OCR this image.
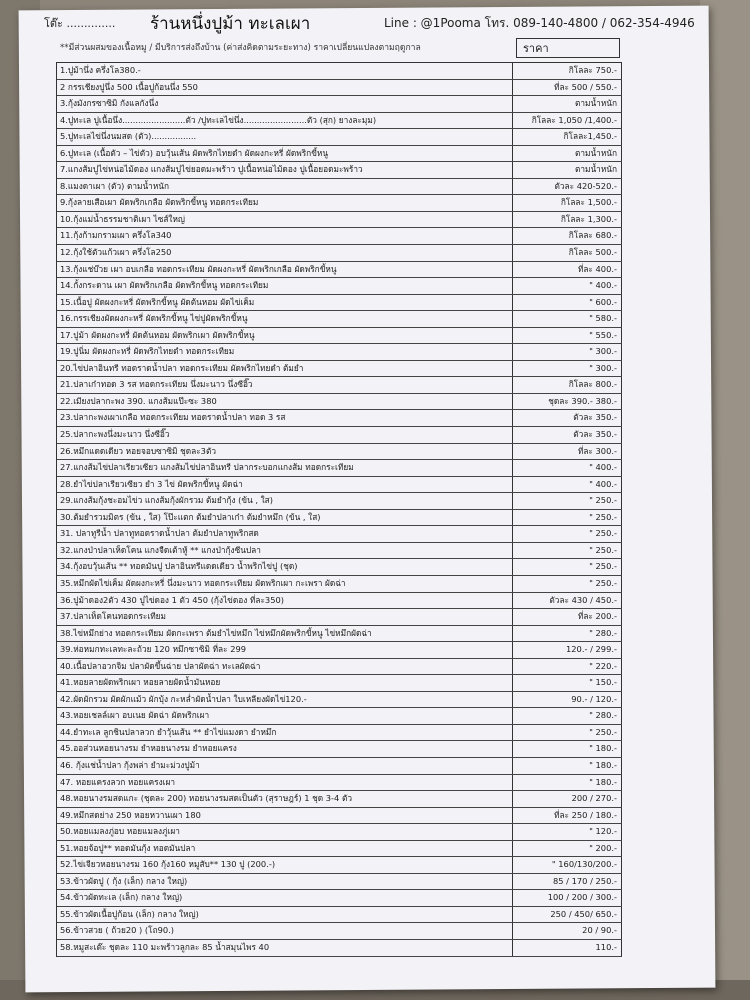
โต๊ะ .............. ร้านหนึ่งปูม้า ทะเลเผา	Line : @1Pooma โทร. 089-140-4800 / 062-354-4946
**มีส่วนผสมของเนื้อหมู / มีบริการส่งถึงบ้าน (ค่าส่งคิดตามระยะทาง) ราคาเปลี่ยนแปลงตามฤดูกาล	ราคา
1.ปูม้านึ่ง ครึ่งโล380.-	กิโลละ 750.-
2 กรรเชียงปูนึ่ง 500 เนื้อปูก้อนนึ่ง 550	ที่ละ 500 / 550.-
3.กุ้งมังกรซาซิมิ กังแลกังนึ่ง	ตามน้ำหนัก
4.ปูทะเล ปูเนื้อนึ่ง........................ตัว /ปูทะเลไข่นึ่ง........................ตัว (สุก) ยางละมุม)	กิโลละ 1,050 /1,400.-
5.ปูทะเลไข่นึ่งนมสด (ตัว).................	กิโลละ1,450.-
6.ปูทะเล (เนื้อตัว – ไข่ตัว) อบวุ้นเส้น ผัดพริกไทยดำ ผัดผงกะหรี่ ผัดพริกขี้หนู	ตามน้ำหนัก
7.แกงส้มปูไข่หน่อไม้ดอง แกงส้มปูไข่ยอดมะพร้าว ปูเนื้อหน่อไม้ดอง ปูเนื้อยอดมะพร้าว	ตามน้ำหนัก
8.แมงดาเผา (ตัว) ตามน้ำหนัก	ตัวละ 420-520.-
9.กุ้งลายเสือเผา ผัดพริกเกลือ ผัดพริกขี้หนู ทอดกระเทียม	กิโลละ 1,500.-
10.กุ้งแม่น้ำธรรมชาติเผา ไซส์ใหญ่	กิโลละ 1,300.-
11.กุ้งก้ามกรามเผา ครึ่งโล340	กิโลละ 680.-
12.กุ้งใช้ตัวแก้วเผา ครึ่งโล250	กิโลละ 500.-
13.กุ้งแช่บ๊วย เผา อบเกลือ ทอดกระเทียม ผัดผงกะหรี่ ผัดพริกเกลือ ผัดพริกขี้หนู	ที่ละ 400.-
14.กั้งกระดาน เผา ผัดพริกเกลือ ผัดพริกขี้หนู ทอดกระเทียม	" 400.-
15.เนื้อปู ผัดผงกะหรี่ ผัดพริกขี้หนู ผัดต้นหอม ผัดไข่เค็ม	" 600.-
16.กรรเชียงผัดผงกะหรี่ ผัดพริกขี้หนู ไข่ปูผัดพริกขี้หนู	" 580.-
17.ปูม้า ผัดผงกะหรี่ ผัดต้นหอม ผัดพริกเผา ผัดพริกขี้หนู	" 550.-
19.ปูนิ่ม ผัดผงกะหรี่ ผัดพริกไทยดำ ทอดกระเทียม	" 300.-
20.ไข่ปลาอินทรี ทอดราดน้ำปลา ทอดกระเทียม ผัดพริกไทยดำ ต้มยำ	" 300.-
21.ปลาเก๋าทอด 3 รส ทอดกระเทียม นึ่งมะนาว นึ่งซีอิ๊ว	กิโลละ 800.-
22.เมียงปลากะพง 390. แกงส้มแป๊ะซะ 380	ชุดละ 390.- 380.-
23.ปลากะพงเผาเกลือ ทอดกระเทียม ทอดราดน้ำปลา ทอด 3 รส	ตัวละ 350.-
25.ปลากะพงนึ่งมะนาว นึ่งซีอิ๊ว	ตัวละ 350.-
26.หมึกแดดเดียว หอยจอบซาซิมิ ชุดละ3ตัว	ที่ละ 300.-
27.แกงส้มไข่ปลาเรียวเซียว แกงส้มไข่ปลาอินทรี ปลากระบอกแกงส้ม ทอดกระเทียม	" 400.-
28.ยำไข่ปลาเรียวเซียว ยำ 3 ไข่ ผัดพริกขี้หนู ผัดฉ่า	" 400.-
29.แกงส้มกุ้งชะอมไข่ว แกงส้มกุ้งผักรวม ต้มยำกุ้ง (ข้น , ใส)	" 250.-
30.ต้มยำรวมมิตร (ข้น , ใส) โป๊ะแตก ต้มยำปลาเก๋า ต้มยำหมึก (ข้น , ใส)	" 250.-
31. ปลาทูรีน้ำ ปลาทูทอดราดน้ำปลา ต้มยำปลาทูพริกสด	" 250.-
32.แกงป่าปลาเห็ดโคน แกงจืดเต้าหู้ ** แกงป่ากุ้งซีนปลา	" 250.-
34.กุ้งอบวุ้นเส้น ** ทอดมันปู ปลาอินทรีแดดเดียว น้ำพริกไข่ปู (ชุด)	" 250.-
35.หมึกผัดไข่เค็ม ผัดผงกะหรี่ นึ่งมะนาว ทอดกระเทียม ผัดพริกเผา กะเพรา ผัดฉ่า	" 250.-
36.ปูม้าดอง2ตัว 430 ปูไข่ดอง 1 ตัว 450 (กุ้งไข่ดอง ที่ละ350)	ตัวละ 430 / 450.-
37.ปลาเห็ดโคนทอดกระเทียม	ที่ละ 200.-
38.ไข่หมึกย่าง ทอดกระเทียม ผัดกะเพรา ต้มยำไข่หมึก ไข่หมึกผัดพริกขี้หนู ไข่หมึกผัดฉ่า	" 280.-
39.ห่อหมกทะเลทะละถ้วย 120 หมึกซาซิมิ ที่ละ 299	120.- / 299.-
40.เนื้อปลาอวกจิม ปลาผัดขึ้นฉ่าย ปลาผัดฉ่า ทะเลผัดฉ่า	" 220.-
41.หอยลายผัดพริกเผา หอยลายผัดน้ำมันหอย	" 150.-
42.ผัดผักรวม ผัดผักแม้ว ผักบุ้ง กะหล่ำผัดน้ำปลา ใบเหลียงผัดไข่120.-	90.- / 120.-
43.หอยเชลล์เผา อบเนย ผัดฉ่า ผัดพริกเผา	" 280.-
44.ยำทะเล ลูกชินปลาลวก ยำวุ้นเส้น ** ยำไข่แมงดา ยำหมึก	" 250.-
45.ออส่วนหอยนางรม ยำหอยนางรม ยำหอยแครง	" 180.-
46. กุ้งแช่น้ำปลา กุ้งพล่า ยำมะม่วงปูม้า	" 180.-
47. หอยแครงลวก หอยแครงเผา	" 180.-
48.หอยนางรมสดแกะ (ชุดละ 200) หอยนางรมสดเป็นตัว (สุราษฎร์) 1 ชุด 3-4 ตัว	200 / 270.-
49.หมึกสดย่าง 250 หอยหวานเผา 180	ที่ละ 250 / 180.-
50.หอยแมลงภู่อบ หอยแมลงภู่เผา	" 120.-
51.หอยจ้อปู** ทอดมันกุ้ง ทอดมันปลา	" 200.-
52.ไข่เจียวหอยนางรม 160 กุ้ง160 หมูสับ** 130 ปู (200.-)	" 160/130/200.-
53.ข้าวผัดปู ( กุ้ง (เล็ก) กลาง ใหญ่)	85 / 170 / 250.-
54.ข้าวผัดทะเล (เล็ก) กลาง ใหญ่)	100 / 200 / 300.-
55.ข้าวผัดเนื้อปูก้อน (เล็ก) กลาง ใหญ่)	250 / 450/ 650.-
56.ข้าวสวย ( ถ้วย20 ) (โถ90.)	20 / 90.-
58.หมูสะเต๊ะ ชุดละ 110 มะพร้าวลูกละ 85 น้ำสมุนไพร 40	110.-
